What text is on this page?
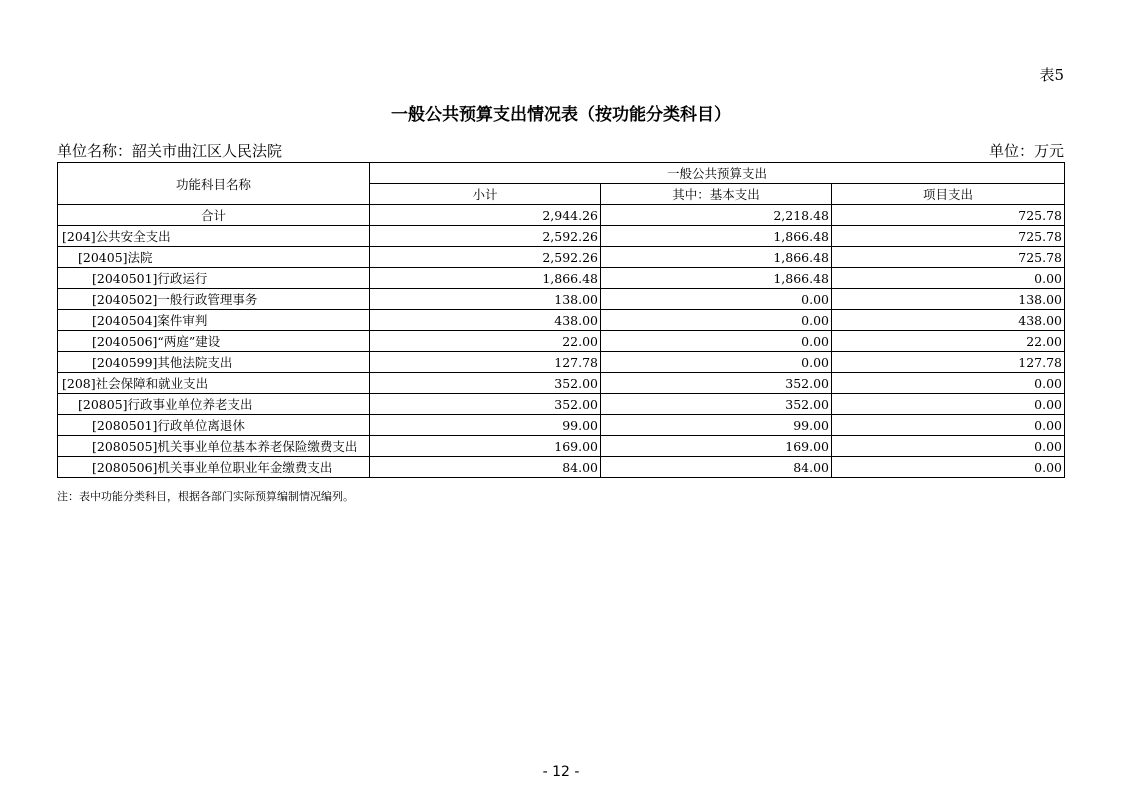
表5
一般公共预算支出情况表（按功能分类科目）
单位名称：韶关市曲江区人民法院	单位：万元
功能科目名称	一般公共预算支出		
	小计	其中：基本支出	项目支出
合计	2,944.26	2,218.48	725.78
[204]公共安全支出	2,592.26	1,866.48	725.78
[20405]法院	2,592.26	1,866.48	725.78
[2040501]行政运行	1,866.48	1,866.48	0.00
[2040502]一般行政管理事务	138.00	0.00	138.00
[2040504]案件审判	438.00	0.00	438.00
[2040506]“两庭”建设	22.00	0.00	22.00
[2040599]其他法院支出	127.78	0.00	127.78
[208]社会保障和就业支出	352.00	352.00	0.00
[20805]行政事业单位养老支出	352.00	352.00	0.00
[2080501]行政单位离退休	99.00	99.00	0.00
[2080505]机关事业单位基本养老保险缴费支出	169.00	169.00	0.00
[2080506]机关事业单位职业年金缴费支出	84.00	84.00	0.00
注：表中功能分类科目，根据各部门实际预算编制情况编列。
- 12 -
